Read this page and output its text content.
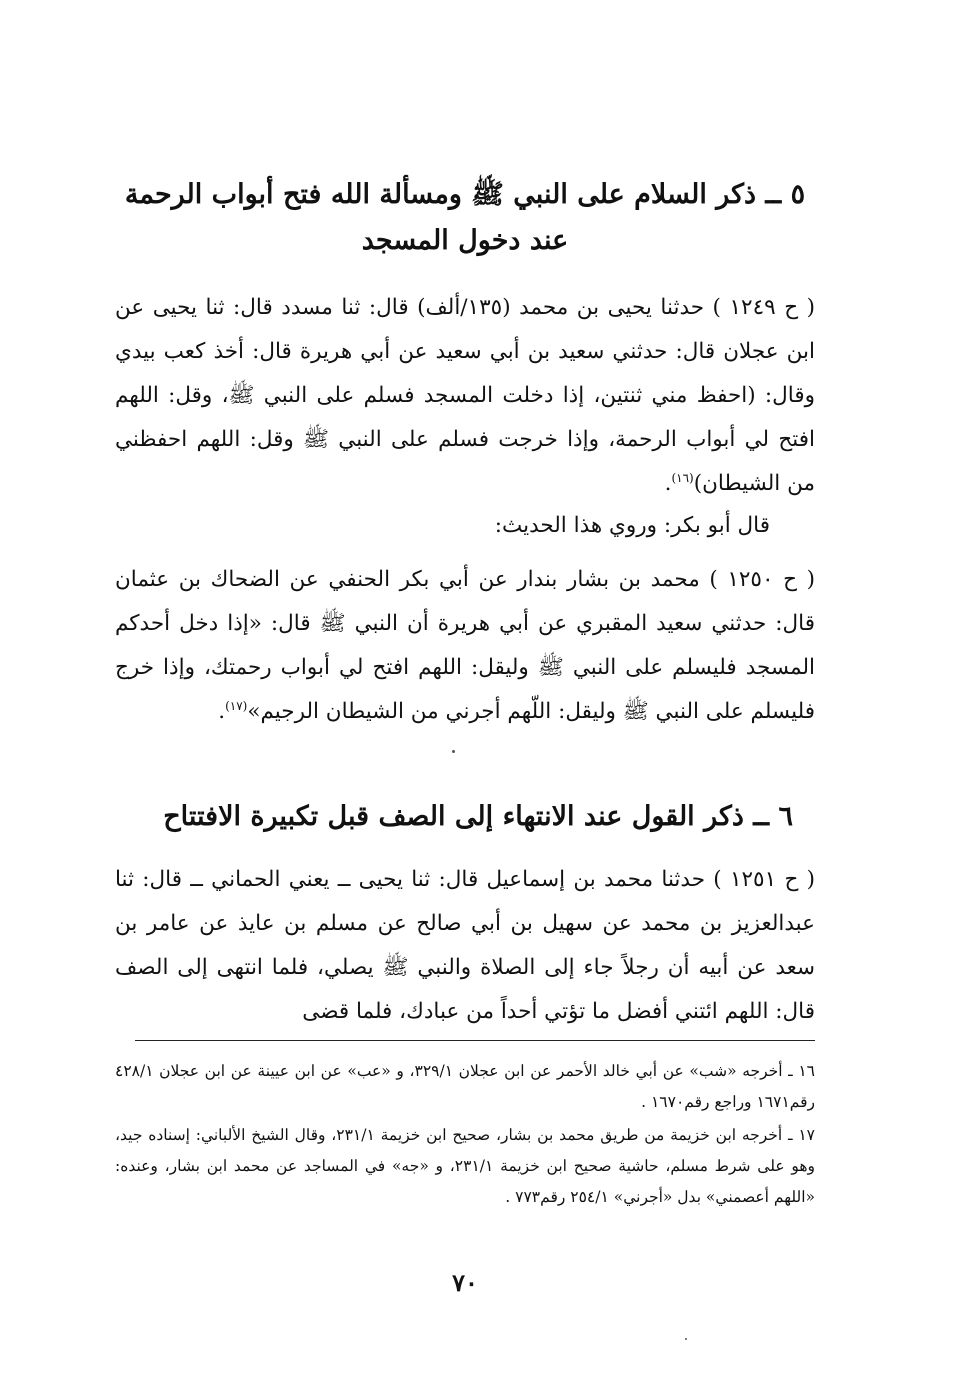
٥ ــ ذكر السلام على النبي ﷺ ومسألة الله فتح أبواب الرحمة عند دخول المسجد

( ح ١٢٤٩ ) حدثنا يحيى بن محمد (١٣٥/ألف) قال: ثنا مسدد قال: ثنا يحيى عن ابن عجلان قال: حدثني سعيد بن أبي سعيد عن أبي هريرة قال: أخذ كعب بيدي وقال: (احفظ مني ثنتين، إذا دخلت المسجد فسلم على النبي ﷺ، وقل: اللهم افتح لي أبواب الرحمة، وإذا خرجت فسلم على النبي ﷺ وقل: اللهم احفظني من الشيطان)$^{(١٦)}$.

قال أبو بكر: وروي هذا الحديث:

( ح ١٢٥٠ ) محمد بن بشار بندار عن أبي بكر الحنفي عن الضحاك بن عثمان قال: حدثني سعيد المقبري عن أبي هريرة أن النبي ﷺ قال: «إذا دخل أحدكم المسجد فليسلم على النبي ﷺ وليقل: اللهم افتح لي أبواب رحمتك، وإذا خرج فليسلم على النبي ﷺ وليقل: اللّهم أجرني من الشيطان الرجيم»$^{(١٧)}$.

٦ ــ ذكر القول عند الانتهاء إلى الصف قبل تكبيرة الافتتاح

( ح ١٢٥١ ) حدثنا محمد بن إسماعيل قال: ثنا يحيى ــ يعني الحماني ــ قال: ثنا عبدالعزيز بن محمد عن سهيل بن أبي صالح عن مسلم بن عايذ عن عامر بن سعد عن أبيه أن رجلاً جاء إلى الصلاة والنبي ﷺ يصلي، فلما انتهى إلى الصف قال: اللهم ائتني أفضل ما تؤتي أحداً من عبادك، فلما قضى

١٦ ـ أخرجه «شب» عن أبي خالد الأحمر عن ابن عجلان ٣٢٩/١، و «عب» عن ابن عيينة عن ابن عجلان ٤٢٨/١ رقم١٦٧١ وراجع رقم١٦٧٠ .

١٧ ـ أخرجه ابن خزيمة من طريق محمد بن بشار، صحيح ابن خزيمة ٢٣١/١، وقال الشيخ الألباني: إسناده جيد، وهو على شرط مسلم، حاشية صحيح ابن خزيمة ٢٣١/١، و «جه» في المساجد عن محمد ابن بشار، وعنده: «اللهم أعصمني» بدل «أجرني» ٢٥٤/١ رقم٧٧٣ .

٧٠
